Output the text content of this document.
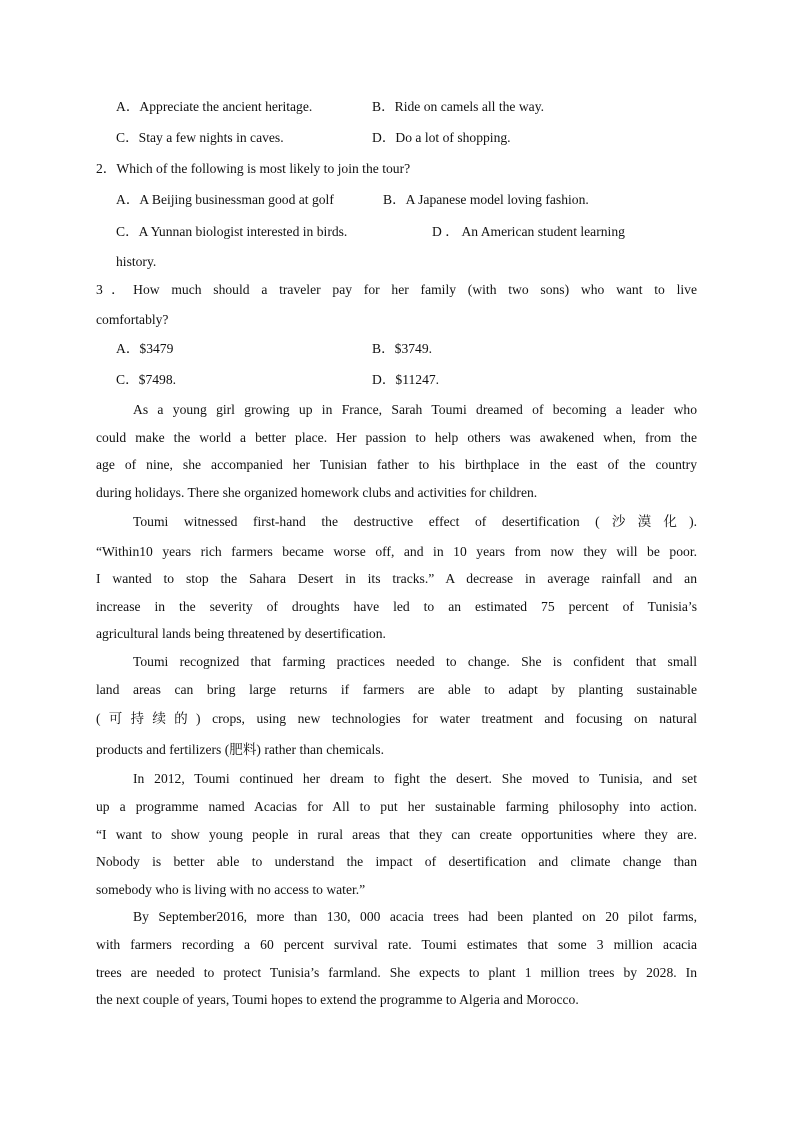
A．Appreciate the ancient heritage.	B．Ride on camels all the way.
C．Stay a few nights in caves.	D．Do a lot of shopping.
2．Which of the following is most likely to join the tour?
A．A Beijing businessman good at golf	B．A Japanese model loving fashion.
C．A Yunnan biologist interested in birds.	D ． An American student learning
history.
3．How much should a traveler pay for her family (with two sons) who want to live
comfortably?
A．$3479	B．$3749.
C．$7498.	D．$11247.
As a young girl growing up in France, Sarah Toumi dreamed of becoming a leader who
could make the world a better place. Her passion to help others was awakened when, from the
age of nine, she accompanied her Tunisian father to his birthplace in the east of the country
during holidays. There she organized homework clubs and activities for children.
Toumi witnessed first-hand the destructive effect of desertification (沙漠化).
“Within10 years rich farmers became worse off, and in 10 years from now they will be poor.
I wanted to stop the Sahara Desert in its tracks.” A decrease in average rainfall and an
increase in the severity of droughts have led to an estimated 75 percent of Tunisia’s
agricultural lands being threatened by desertification.
Toumi recognized that farming practices needed to change. She is confident that small
land areas can bring large returns if farmers are able to adapt by planting sustainable
(可持续的) crops, using new technologies for water treatment and focusing on natural
products and fertilizers (肥料) rather than chemicals.
In 2012, Toumi continued her dream to fight the desert. She moved to Tunisia, and set
up a programme named Acacias for All to put her sustainable farming philosophy into action.
“I want to show young people in rural areas that they can create opportunities where they are.
Nobody is better able to understand the impact of desertification and climate change than
somebody who is living with no access to water.”
By September2016, more than 130, 000 acacia trees had been planted on 20 pilot farms,
with farmers recording a 60 percent survival rate. Toumi estimates that some 3 million acacia
trees are needed to protect Tunisia’s farmland. She expects to plant 1 million trees by 2028. In
the next couple of years, Toumi hopes to extend the programme to Algeria and Morocco.
